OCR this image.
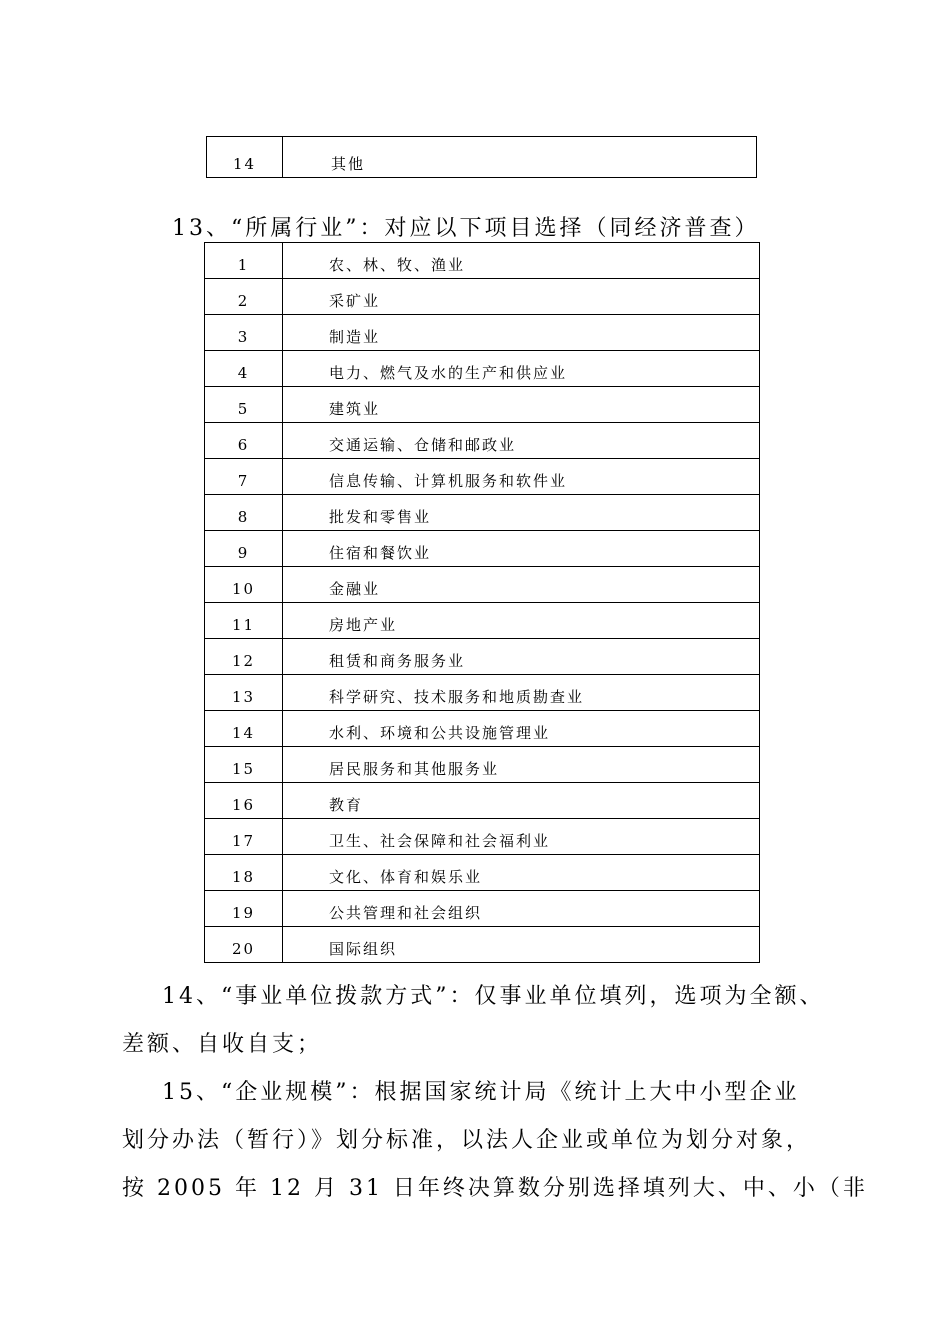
14	其他

13、“所属行业”：对应以下项目选择（同经济普查）

1	农、林、牧、渔业
2	采矿业
3	制造业
4	电力、燃气及水的生产和供应业
5	建筑业
6	交通运输、仓储和邮政业
7	信息传输、计算机服务和软件业
8	批发和零售业
9	住宿和餐饮业
10	金融业
11	房地产业
12	租赁和商务服务业
13	科学研究、技术服务和地质勘查业
14	水利、环境和公共设施管理业
15	居民服务和其他服务业
16	教育
17	卫生、社会保障和社会福利业
18	文化、体育和娱乐业
19	公共管理和社会组织
20	国际组织

14、“事业单位拨款方式”：仅事业单位填列，选项为全额、

差额、自收自支；

15、“企业规模”：根据国家统计局《统计上大中小型企业

划分办法（暂行）》划分标准，以法人企业或单位为划分对象，

按 2005 年 12 月 31 日年终决算数分别选择填列大、中、小（非
